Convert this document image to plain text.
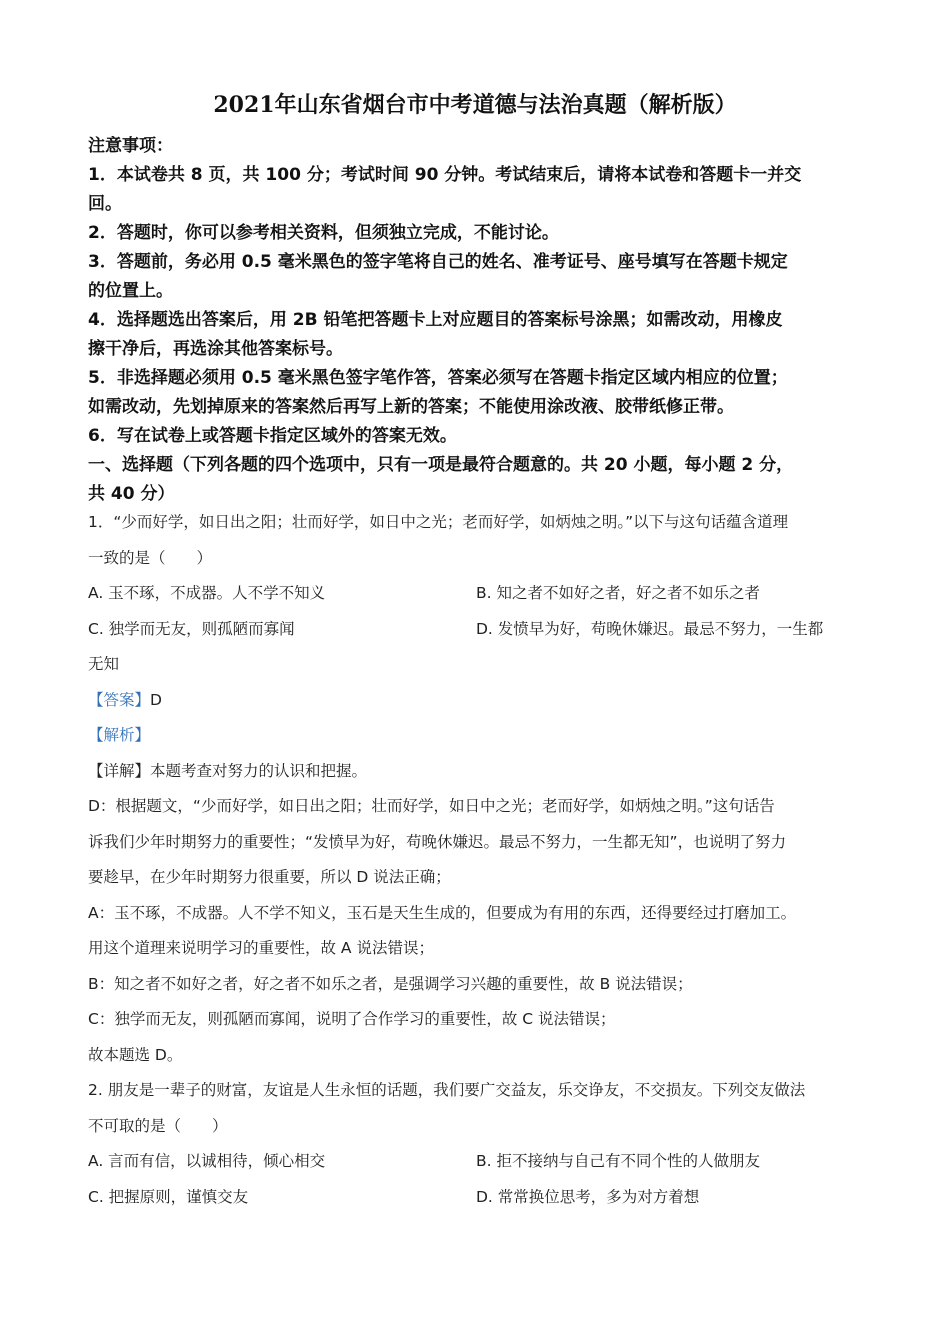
2021年山东省烟台市中考道德与法治真题（解析版）

注意事项：

1．本试卷共 8 页，共 100 分；考试时间 90 分钟。考试结束后，请将本试卷和答题卡一并交

回。

2．答题时，你可以参考相关资料，但须独立完成，不能讨论。

3．答题前，务必用 0.5 毫米黑色的签字笔将自己的姓名、准考证号、座号填写在答题卡规定

的位置上。

4．选择题选出答案后，用 2B 铅笔把答题卡上对应题目的答案标号涂黑；如需改动，用橡皮

擦干净后，再选涂其他答案标号。

5．非选择题必须用 0.5 毫米黑色签字笔作答，答案必须写在答题卡指定区域内相应的位置；

如需改动，先划掉原来的答案然后再写上新的答案；不能使用涂改液、胶带纸修正带。

6．写在试卷上或答题卡指定区域外的答案无效。

一、选择题（下列各题的四个选项中，只有一项是最符合题意的。共 20 小题，每小题 2 分，

共 40 分）

1．“少而好学，如日出之阳；壮而好学，如日中之光；老而好学，如炳烛之明。”以下与这句话蕴含道理

一致的是（　　）

A. 玉不琢，不成器。人不学不知义	B. 知之者不如好之者，好之者不如乐之者
C. 独学而无友，则孤陋而寡闻	D. 发愤早为好，苟晚休嫌迟。最忌不努力，一生都

无知

【答案】D

【解析】

【详解】本题考查对努力的认识和把握。

D：根据题文，“少而好学，如日出之阳；壮而好学，如日中之光；老而好学，如炳烛之明。”这句话告

诉我们少年时期努力的重要性；“发愤早为好，苟晚休嫌迟。最忌不努力，一生都无知”，也说明了努力

要趁早，在少年时期努力很重要，所以 D 说法正确；

A：玉不琢，不成器。人不学不知义，玉石是天生生成的，但要成为有用的东西，还得要经过打磨加工。

用这个道理来说明学习的重要性，故 A 说法错误；

B：知之者不如好之者，好之者不如乐之者，是强调学习兴趣的重要性，故 B 说法错误；

C：独学而无友，则孤陋而寡闻，说明了合作学习的重要性，故 C 说法错误；

故本题选 D。

2. 朋友是一辈子的财富，友谊是人生永恒的话题，我们要广交益友，乐交诤友，不交损友。下列交友做法

不可取的是（　　）

A. 言而有信，以诚相待，倾心相交	B. 拒不接纳与自己有不同个性的人做朋友
C. 把握原则，谨慎交友	D. 常常换位思考，多为对方着想
